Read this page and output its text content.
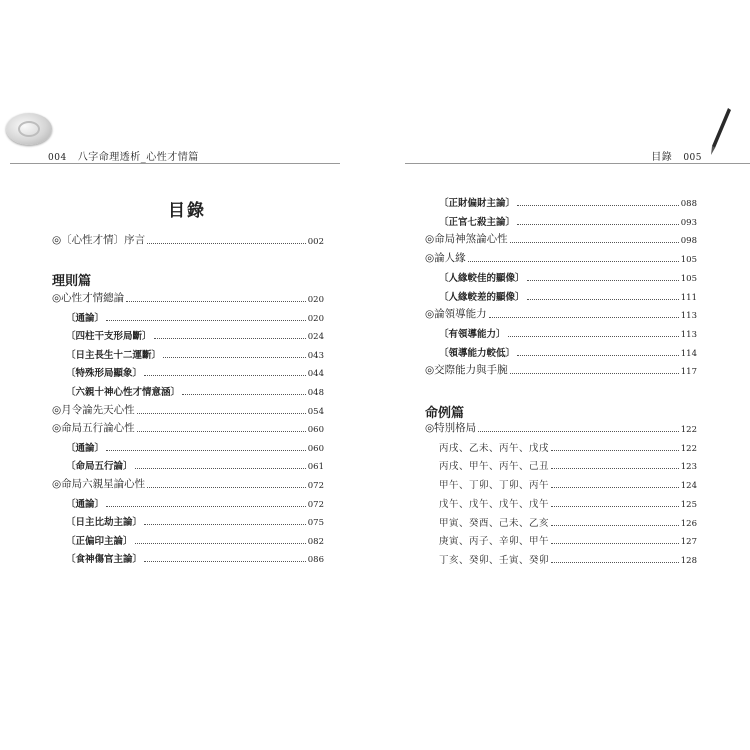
004 八字命理透析_心性才情篇	目錄 005
目錄
◎〔心性才情〕序言	002
理則篇
◎心性才情總論	020
〔通論〕	020
〔四柱干支形局斷〕	024
〔日主長生十二運斷〕	043
〔特殊形局顯象〕	044
〔六親十神心性才情意涵〕	048
◎月令論先天心性	054
◎命局五行論心性	060
〔通論〕	060
〔命局五行論〕	061
◎命局六親星論心性	072
〔通論〕	072
〔日主比劫主論〕	075
〔正偏印主論〕	082
〔食神傷官主論〕	086
〔正財偏財主論〕	088
〔正官七殺主論〕	093
◎命局神煞論心性	098
◎論人緣	105
〔人緣較佳的顯像〕	105
〔人緣較差的顯像〕	111
◎論領導能力	113
〔有領導能力〕	113
〔領導能力較低〕	114
◎交際能力與手腕	117
命例篇
◎特別格局	122
丙戌、乙未、丙午、戊戌	122
丙戌、甲午、丙午、己丑	123
甲午、丁卯、丁卯、丙午	124
戊午、戊午、戊午、戊午	125
甲寅、癸酉、己未、乙亥	126
庚寅、丙子、辛卯、甲午	127
丁亥、癸卯、壬寅、癸卯	128
